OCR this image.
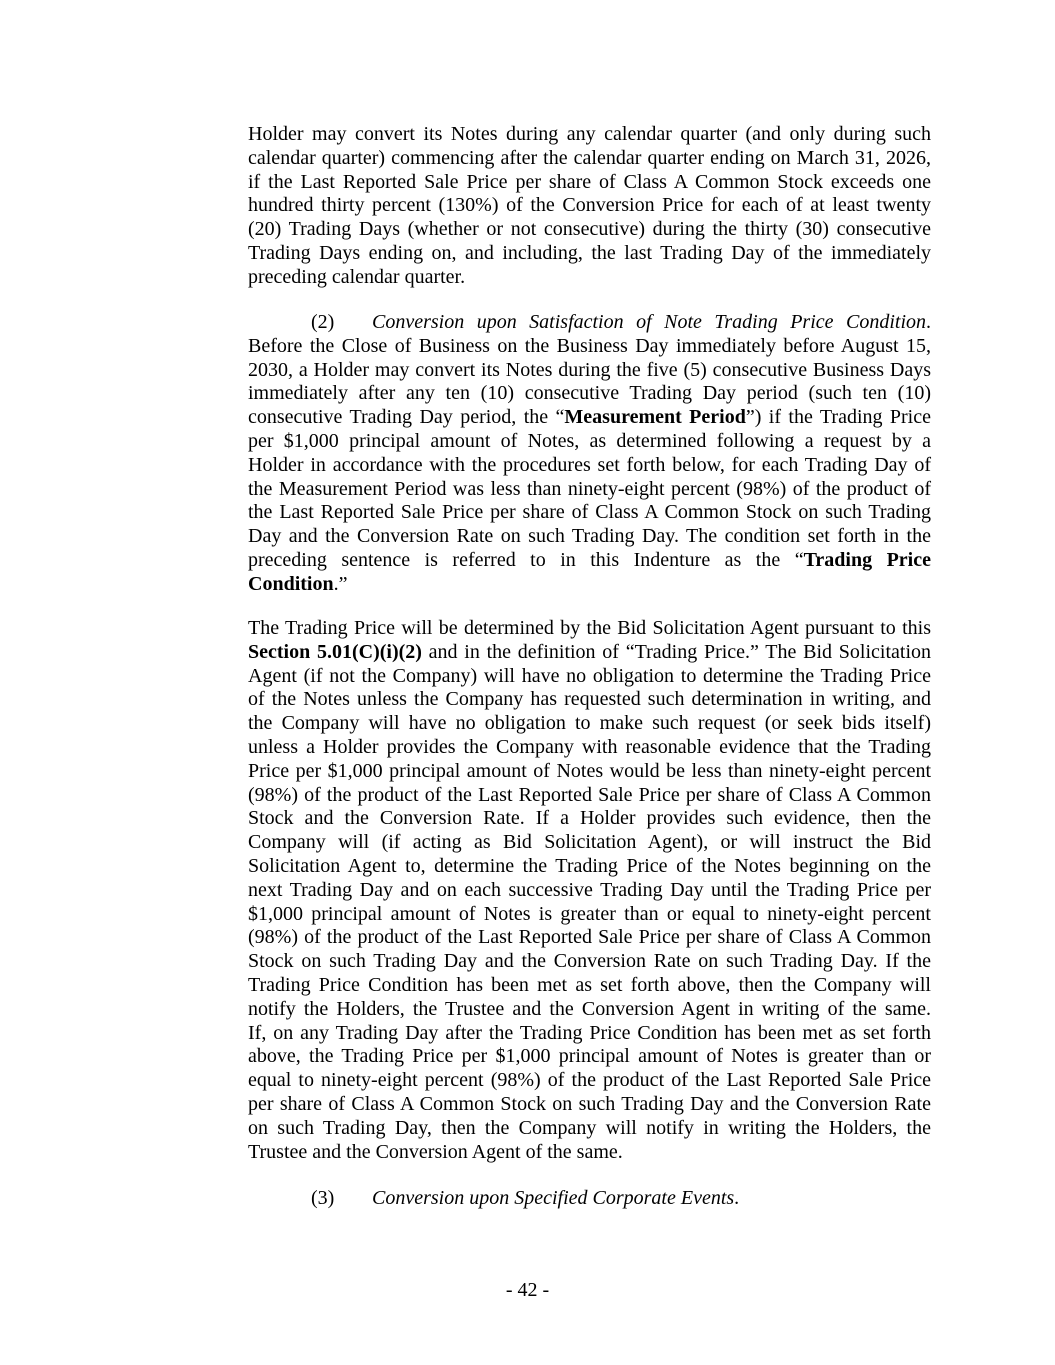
Holder may convert its Notes during any calendar quarter (and only during such
calendar quarter) commencing after the calendar quarter ending on March 31, 2026,
if the Last Reported Sale Price per share of Class A Common Stock exceeds one
hundred thirty percent (130%) of the Conversion Price for each of at least twenty
(20) Trading Days (whether or not consecutive) during the thirty (30) consecutive
Trading Days ending on, and including, the last Trading Day of the immediately
preceding calendar quarter.
(2) Conversion upon Satisfaction of Note Trading Price Condition.
Before the Close of Business on the Business Day immediately before August 15,
2030, a Holder may convert its Notes during the five (5) consecutive Business Days
immediately after any ten (10) consecutive Trading Day period (such ten (10)
consecutive Trading Day period, the “Measurement Period”) if the Trading Price
per $1,000 principal amount of Notes, as determined following a request by a
Holder in accordance with the procedures set forth below, for each Trading Day of
the Measurement Period was less than ninety-eight percent (98%) of the product of
the Last Reported Sale Price per share of Class A Common Stock on such Trading
Day and the Conversion Rate on such Trading Day. The condition set forth in the
preceding sentence is referred to in this Indenture as the “Trading Price
Condition.”
The Trading Price will be determined by the Bid Solicitation Agent pursuant to this
Section 5.01(C)(i)(2) and in the definition of “Trading Price.” The Bid Solicitation
Agent (if not the Company) will have no obligation to determine the Trading Price
of the Notes unless the Company has requested such determination in writing, and
the Company will have no obligation to make such request (or seek bids itself)
unless a Holder provides the Company with reasonable evidence that the Trading
Price per $1,000 principal amount of Notes would be less than ninety-eight percent
(98%) of the product of the Last Reported Sale Price per share of Class A Common
Stock and the Conversion Rate. If a Holder provides such evidence, then the
Company will (if acting as Bid Solicitation Agent), or will instruct the Bid
Solicitation Agent to, determine the Trading Price of the Notes beginning on the
next Trading Day and on each successive Trading Day until the Trading Price per
$1,000 principal amount of Notes is greater than or equal to ninety-eight percent
(98%) of the product of the Last Reported Sale Price per share of Class A Common
Stock on such Trading Day and the Conversion Rate on such Trading Day. If the
Trading Price Condition has been met as set forth above, then the Company will
notify the Holders, the Trustee and the Conversion Agent in writing of the same.
If, on any Trading Day after the Trading Price Condition has been met as set forth
above, the Trading Price per $1,000 principal amount of Notes is greater than or
equal to ninety-eight percent (98%) of the product of the Last Reported Sale Price
per share of Class A Common Stock on such Trading Day and the Conversion Rate
on such Trading Day, then the Company will notify in writing the Holders, the
Trustee and the Conversion Agent of the same.
(3) Conversion upon Specified Corporate Events.
- 42 -
